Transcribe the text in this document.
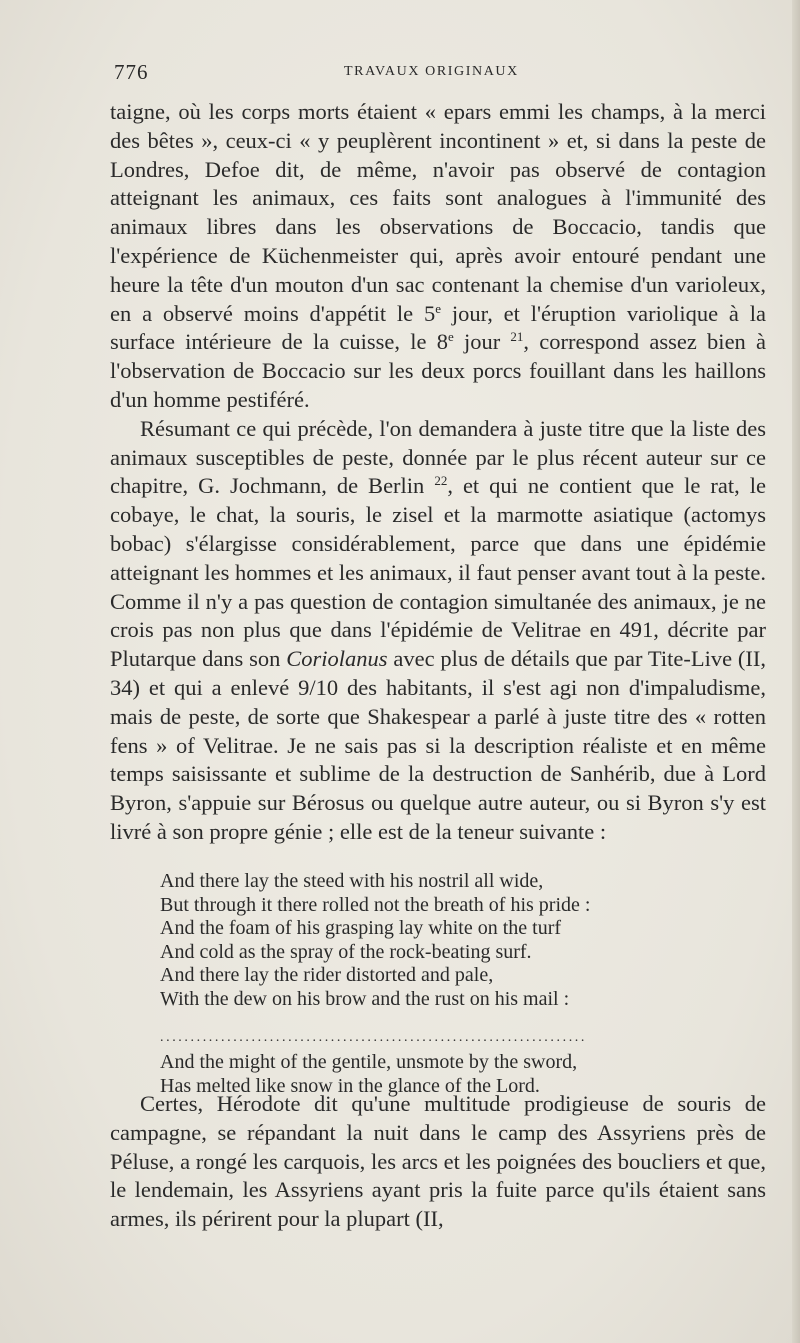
776	TRAVAUX ORIGINAUX

taigne, où les corps morts étaient « epars emmi les champs, à la merci des bêtes », ceux-ci « y peuplèrent incontinent » et, si dans la peste de Londres, Defoe dit, de même, n'avoir pas observé de contagion atteignant les animaux, ces faits sont analogues à l'immunité des animaux libres dans les observations de Boccacio, tandis que l'expérience de Küchenmeister qui, après avoir entouré pendant une heure la tête d'un mouton d'un sac contenant la chemise d'un varioleux, en a observé moins d'appétit le 5e jour, et l'éruption variolique à la surface intérieure de la cuisse, le 8e jour $^{21}$, correspond assez bien à l'observation de Boccacio sur les deux porcs fouillant dans les haillons d'un homme pestiféré.

Résumant ce qui précède, l'on demandera à juste titre que la liste des animaux susceptibles de peste, donnée par le plus récent auteur sur ce chapitre, G. Jochmann, de Berlin $^{22}$, et qui ne contient que le rat, le cobaye, le chat, la souris, le zisel et la marmotte asiatique (actomys bobac) s'élargisse considérablement, parce que dans une épidémie atteignant les hommes et les animaux, il faut penser avant tout à la peste. Comme il n'y a pas question de contagion simultanée des animaux, je ne crois pas non plus que dans l'épidémie de Velitrae en 491, décrite par Plutarque dans son Coriolanus avec plus de détails que par Tite-Live (II, 34) et qui a enlevé 9/10 des habitants, il s'est agi non d'impaludisme, mais de peste, de sorte que Shakespear a parlé à juste titre des « rotten fens » of Velitrae. Je ne sais pas si la description réaliste et en même temps saisissante et sublime de la destruction de Sanhérib, due à Lord Byron, s'appuie sur Bérosus ou quelque autre auteur, ou si Byron s'y est livré à son propre génie ; elle est de la teneur suivante :

And there lay the steed with his nostril all wide,
But through it there rolled not the breath of his pride :
And the foam of his grasping lay white on the turf
And cold as the spray of the rock-beating surf.
And there lay the rider distorted and pale,
With the dew on his brow and the rust on his mail :
......................................................................
And the might of the gentile, unsmote by the sword,
Has melted like snow in the glance of the Lord.

Certes, Hérodote dit qu'une multitude prodigieuse de souris de campagne, se répandant la nuit dans le camp des Assyriens près de Péluse, a rongé les carquois, les arcs et les poignées des boucliers et que, le lendemain, les Assyriens ayant pris la fuite parce qu'ils étaient sans armes, ils périrent pour la plupart (II,
